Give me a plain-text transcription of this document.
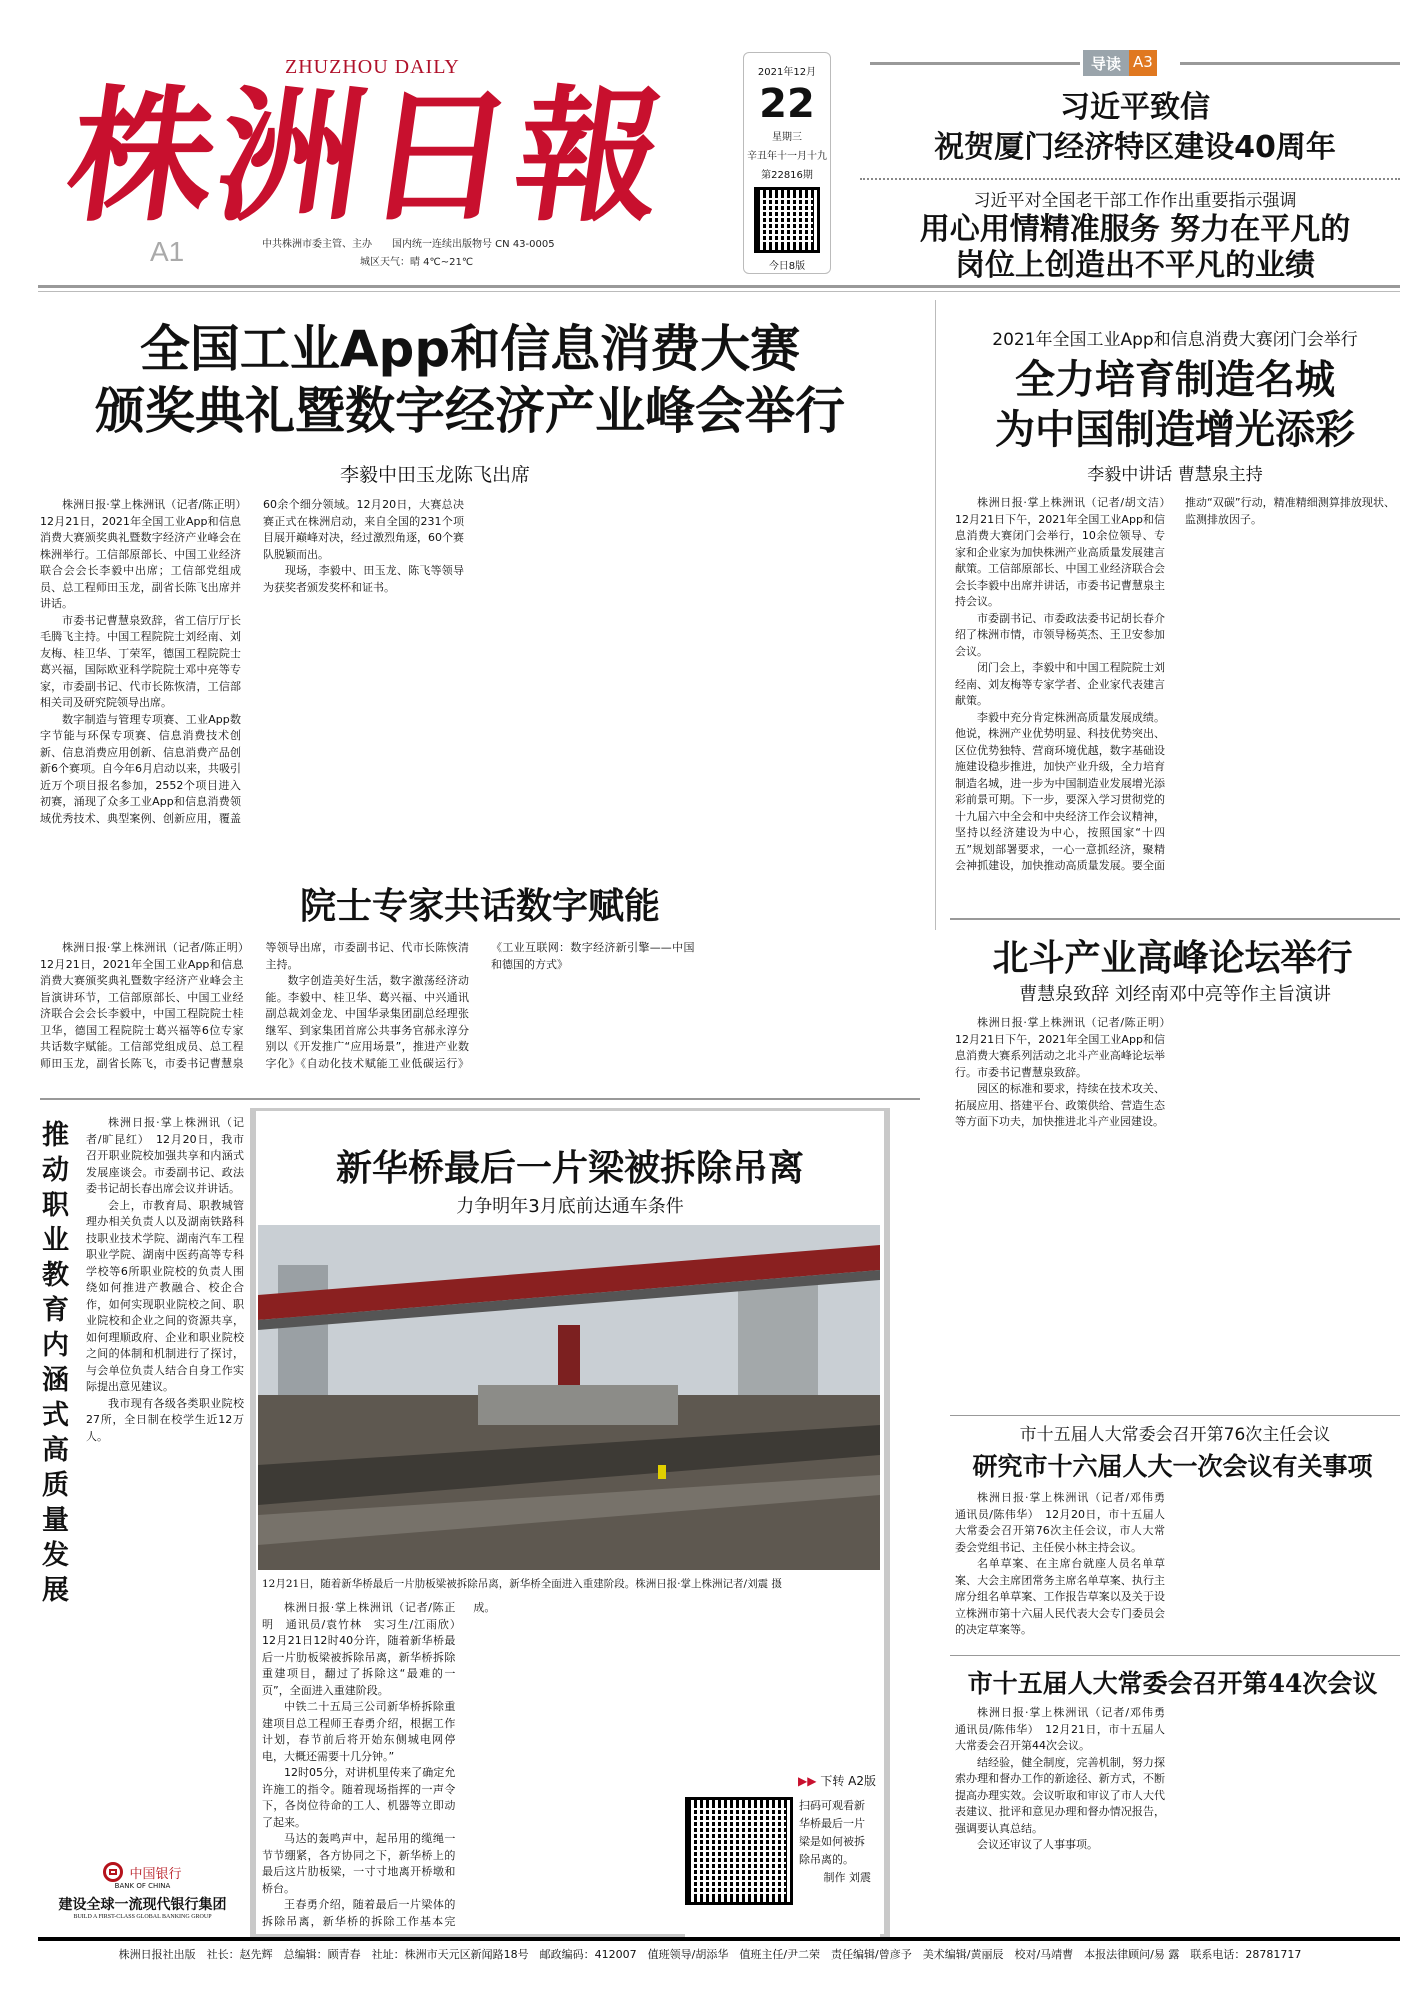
株洲日報
ZHUZHOU DAILY
A1	中共株洲市委主管、主办　　国内统一连续出版物号 CN 43-0005
城区天气：晴 4℃~21℃
2021年12月
22
星期三
辛丑年十一月十九
第22816期
今日8版
导读 A3
习近平致信
祝贺厦门经济特区建设40周年
习近平对全国老干部工作作出重要指示强调
用心用情精准服务 努力在平凡的
岗位上创造出不平凡的业绩
全国工业App和信息消费大赛
颁奖典礼暨数字经济产业峰会举行
李毅中田玉龙陈飞出席

株洲日报·掌上株洲讯（记者/陈正明）　12月21日，2021年全国工业App和信息消费大赛颁奖典礼暨数字经济产业峰会在株洲举行。工信部原部长、中国工业经济联合会会长李毅中出席；工信部党组成员、总工程师田玉龙，副省长陈飞出席并讲话。

市委书记曹慧泉致辞，省工信厅厅长毛腾飞主持。中国工程院院士刘经南、刘友梅、桂卫华、丁荣军，德国工程院院士葛兴福，国际欧亚科学院院士邓中亮等专家，市委副书记、代市长陈恢清，工信部相关司及研究院领导出席。

数字制造与管理专项赛、工业App数字节能与环保专项赛、信息消费技术创新、信息消费应用创新、信息消费产品创新6个赛项。自今年6月启动以来，共吸引近万个项目报名参加，2552个项目进入初赛，涌现了众多工业App和信息消费领域优秀技术、典型案例、创新应用，覆盖60余个细分领域。12月20日，大赛总决赛正式在株洲启动，来自全国的231个项目展开巅峰对决，经过激烈角逐，60个赛队脱颖而出。

现场，李毅中、田玉龙、陈飞等领导为获奖者颁发奖杯和证书。

2021年全国工业App和信息消费大赛闭门会举行
全力培育制造名城
为中国制造增光添彩
李毅中讲话 曹慧泉主持

株洲日报·掌上株洲讯（记者/胡文洁）　12月21日下午，2021年全国工业App和信息消费大赛闭门会举行，10余位领导、专家和企业家为加快株洲产业高质量发展建言献策。工信部原部长、中国工业经济联合会会长李毅中出席并讲话，市委书记曹慧泉主持会议。

市委副书记、市委政法委书记胡长春介绍了株洲市情，市领导杨英杰、王卫安参加会议。

闭门会上，李毅中和中国工程院院士刘经南、刘友梅等专家学者、企业家代表建言献策。

李毅中充分肯定株洲高质量发展成绩。他说，株洲产业优势明显、科技优势突出、区位优势独特、营商环境优越，数字基础设施建设稳步推进，加快产业升级，全力培育制造名城，进一步为中国制造业发展增光添彩前景可期。下一步，要深入学习贯彻党的十九届六中全会和中央经济工作会议精神，坚持以经济建设为中心，按照国家“十四五”规划部署要求，一心一意抓经济，聚精会神抓建设，加快推动高质量发展。要全面推动“双碳”行动，精准精细测算排放现状、监测排放因子。

院士专家共话数字赋能

株洲日报·掌上株洲讯（记者/陈正明）　12月21日，2021年全国工业App和信息消费大赛颁奖典礼暨数字经济产业峰会主旨演讲环节，工信部原部长、中国工业经济联合会会长李毅中，中国工程院院士桂卫华，德国工程院院士葛兴福等6位专家共话数字赋能。工信部党组成员、总工程师田玉龙，副省长陈飞，市委书记曹慧泉等领导出席，市委副书记、代市长陈恢清主持。

数字创造美好生活，数字激荡经济动能。李毅中、桂卫华、葛兴福、中兴通讯副总裁刘金龙、中国华录集团副总经理张继军、到家集团首席公共事务官郝永淳分别以《开发推广“应用场景”，推进产业数字化》《自动化技术赋能工业低碳运行》《工业互联网：数字经济新引擎——中国和德国的方式》	北斗产业高峰论坛举行
曹慧泉致辞 刘经南邓中亮等作主旨演讲

株洲日报·掌上株洲讯（记者/陈正明）　12月21日下午，2021年全国工业App和信息消费大赛系列活动之北斗产业高峰论坛举行。市委书记曹慧泉致辞。

园区的标准和要求，持续在技术攻关、拓展应用、搭建平台、政策供给、营造生态等方面下功夫，加快推进北斗产业园建设。

市十五届人大常委会召开第76次主任会议
研究市十六届人大一次会议有关事项

株洲日报·掌上株洲讯（记者/邓伟勇　通讯员/陈伟华）　12月20日，市十五届人大常委会召开第76次主任会议，市人大常委会党组书记、主任侯小林主持会议。

名单草案、在主席台就座人员名单草案、大会主席团常务主席名单草案、执行主席分组名单草案、工作报告草案以及关于设立株洲市第十六届人民代表大会专门委员会的决定草案等。

市十五届人大常委会召开第44次会议

株洲日报·掌上株洲讯（记者/邓伟勇　通讯员/陈伟华）　12月21日，市十五届人大常委会召开第44次会议。

结经验，健全制度，完善机制，努力探索办理和督办工作的新途径、新方式，不断提高办理实效。会议听取和审议了市人大代表建议、批评和意见办理和督办情况报告，强调要认真总结。

会议还审议了人事事项。

推动职业教育内涵式高质量发展

株洲日报·掌上株洲讯（记者/旷昆红）　12月20日，我市召开职业院校加强共享和内涵式发展座谈会。市委副书记、政法委书记胡长春出席会议并讲话。

会上，市教育局、职教城管理办相关负责人以及湖南铁路科技职业技术学院、湖南汽车工程职业学院、湖南中医药高等专科学校等6所职业院校的负责人围绕如何推进产教融合、校企合作，如何实现职业院校之间、职业院校和企业之间的资源共享，如何理顺政府、企业和职业院校之间的体制和机制进行了探讨，与会单位负责人结合自身工作实际提出意见建议。

我市现有各级各类职业院校27所，全日制在校学生近12万人。

中国银行
BANK OF CHINA
建设全球一流现代银行集团
BUILD A FIRST-CLASS GLOBAL BANKING GROUP
新华桥最后一片梁被拆除吊离
力争明年3月底前达通车条件
12月21日，随着新华桥最后一片肋板梁被拆除吊离，新华桥全面进入重建阶段。株洲日报·掌上株洲记者/刘震 摄

株洲日报·掌上株洲讯（记者/陈正明　通讯员/袁竹林　实习生/江雨欣）　12月21日12时40分许，随着新华桥最后一片肋板梁被拆除吊离，新华桥拆除重建项目，翻过了拆除这“最难的一页”，全面进入重建阶段。

中铁二十五局三公司新华桥拆除重建项目总工程师王春勇介绍，根据工作计划，春节前后将开始东侧城电网停电，大概还需要十几分钟。”

12时05分，对讲机里传来了确定允许施工的指令。随着现场指挥的一声令下，各岗位待命的工人、机器等立即动了起来。

马达的轰鸣声中，起吊用的缆绳一节节绷紧，各方协同之下，新华桥上的最后这片肋板梁，一寸寸地离开桥墩和桥台。

王春勇介绍，随着最后一片梁体的拆除吊离，新华桥的拆除工作基本完成。

▶▶ 下转 A2版
扫码可观看新华桥最后一片梁是如何被拆除吊离的。
制作 刘震
株洲日报社出版　社长：赵先辉　总编辑：顾青春　社址：株洲市天元区新闻路18号　邮政编码：412007　值班领导/胡添华　值班主任/尹二荣　责任编辑/曾彦予　美术编辑/黄丽辰　校对/马靖曹　本报法律顾问/易 露　联系电话：28781717
